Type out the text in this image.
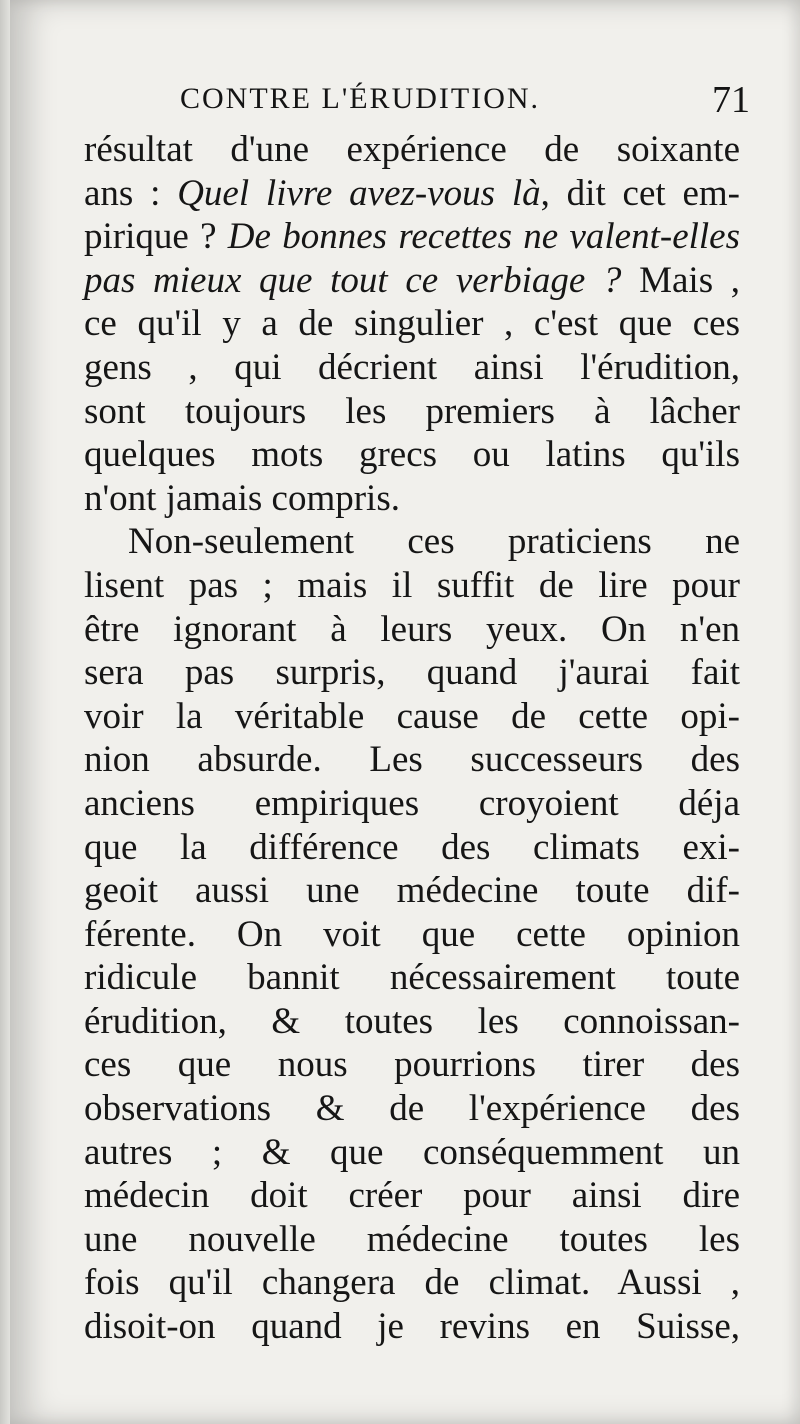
CONTRE L'ÉRUDITION.	71
résultat d'une expérience de soixante
ans : Quel livre avez-vous là, dit cet em-
pirique ? De bonnes recettes ne valent-elles
pas mieux que tout ce verbiage ? Mais ,
ce qu'il y a de singulier , c'est que ces
gens , qui décrient ainsi l'érudition,
sont toujours les premiers à lâcher
quelques mots grecs ou latins qu'ils
n'ont jamais compris.
Non-seulement ces praticiens ne
lisent pas ; mais il suffit de lire pour
être ignorant à leurs yeux. On n'en
sera pas surpris, quand j'aurai fait
voir la véritable cause de cette opi-
nion absurde. Les successeurs des
anciens empiriques croyoient déja
que la différence des climats exi-
geoit aussi une médecine toute dif-
férente. On voit que cette opinion
ridicule bannit nécessairement toute
érudition, & toutes les connoissan-
ces que nous pourrions tirer des
observations & de l'expérience des
autres ; & que conséquemment un
médecin doit créer pour ainsi dire
une nouvelle médecine toutes les
fois qu'il changera de climat. Aussi ,
disoit-on quand je revins en Suisse,
